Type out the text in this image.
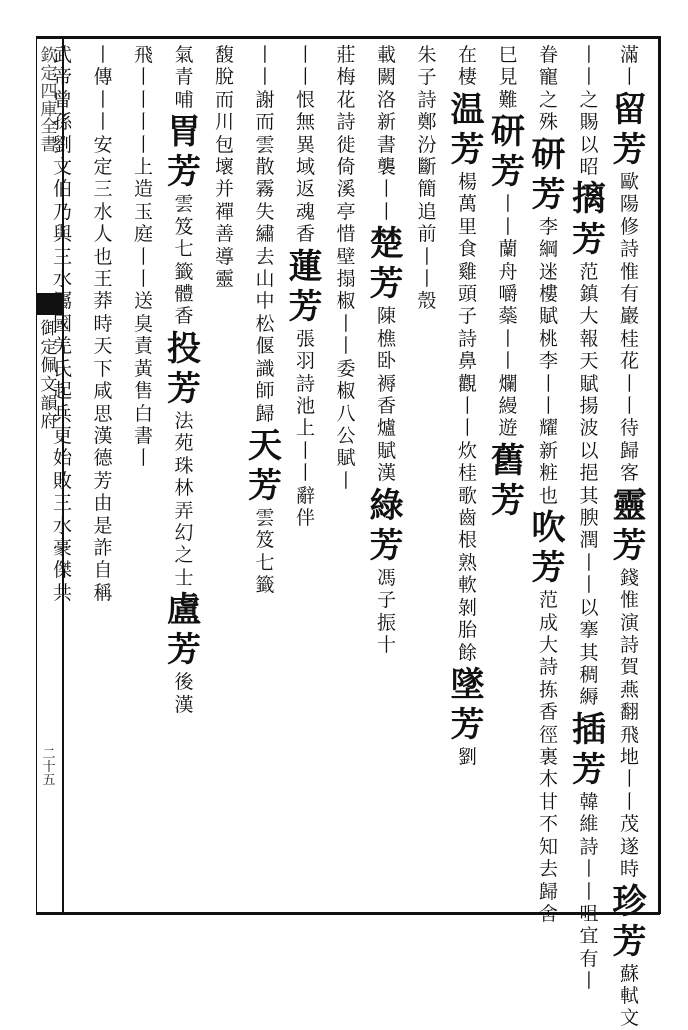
欽
定
四
庫
全
書
御
定
佩
文
韻
府
二
十
五
滿
丨
留
芳
歐
陽
修
詩
惟
有
巖
桂
花
丨
丨
待
歸
客
靈
芳
錢
惟
演
詩
賀
燕
翻
飛
地
丨
丨
茂
遂
時
珍
芳
蘇
軾
文
丨
丨
之
賜
以
昭
摛
芳
范
鎮
大
報
天
賦
揚
波
以
挹
其
腴
潤
丨
丨
以
搴
其
稠
縟
插
芳
韓
維
詩
丨
丨
咀
宜
有
丨
眷
寵
之
殊
研
芳
李
綱
迷
樓
賦
桃
李
丨
丨
耀
新
粧
也
吹
芳
范
成
大
詩
拣
香
徑
裏
木
甘
不
知
去
歸
舍
巳
見
難
研
芳
丨
丨
蘭
舟
嚼
蘂
丨
丨
爛
縵
遊
舊
芳
在
棲
温
芳
楊
萬
里
食
雞
頭
子
詩
鼻
觀
丨
丨
炊
桂
歌
齒
根
熟
軟
剝
胎
餘
墜
芳
劉
朱
子
詩
鄭
汾
斷
簡
追
前
丨
丨
殼
載
闕
洛
新
書
襲
丨
丨
楚
芳
陳
樵
卧
褥
香
爐
賦
漢
綠
芳
馮
子
振
十
莊
梅
花
詩
徙
倚
溪
亭
惜
壁
搨
椒
丨
丨
委
椒
八
公
賦
丨
丨
丨
恨
無
異
域
返
魂
香
蓮
芳
張
羽
詩
池
上
丨
丨
辭
伴
丨
丨
謝
而
雲
散
霧
失
繡
去
山
中
松
偃
識
師
歸
天
芳
雲
笈
七
籤
馥
脫
而
川
包
壞
并
禪
善
導
靈
氣
青
哺
胃
芳
雲
笈
七
籤
體
香
投
芳
法
苑
珠
林
弄
幻
之
士
盧
芳
後
漢
飛
丨
丨
丨
丨
上
造
玉
庭
丨
丨
送
臭
責
黃
售
白
書
丨
丨
傳
丨
丨
安
定
三
水
人
也
王
莽
時
天
下
咸
思
漢
德
芳
由
是
詐
自
稱
武
帝
曾
孫
劉
文
伯
乃
與
三
水
屬
國
羌
氏
起
兵
更
始
敗
三
水
豪
傑
共
